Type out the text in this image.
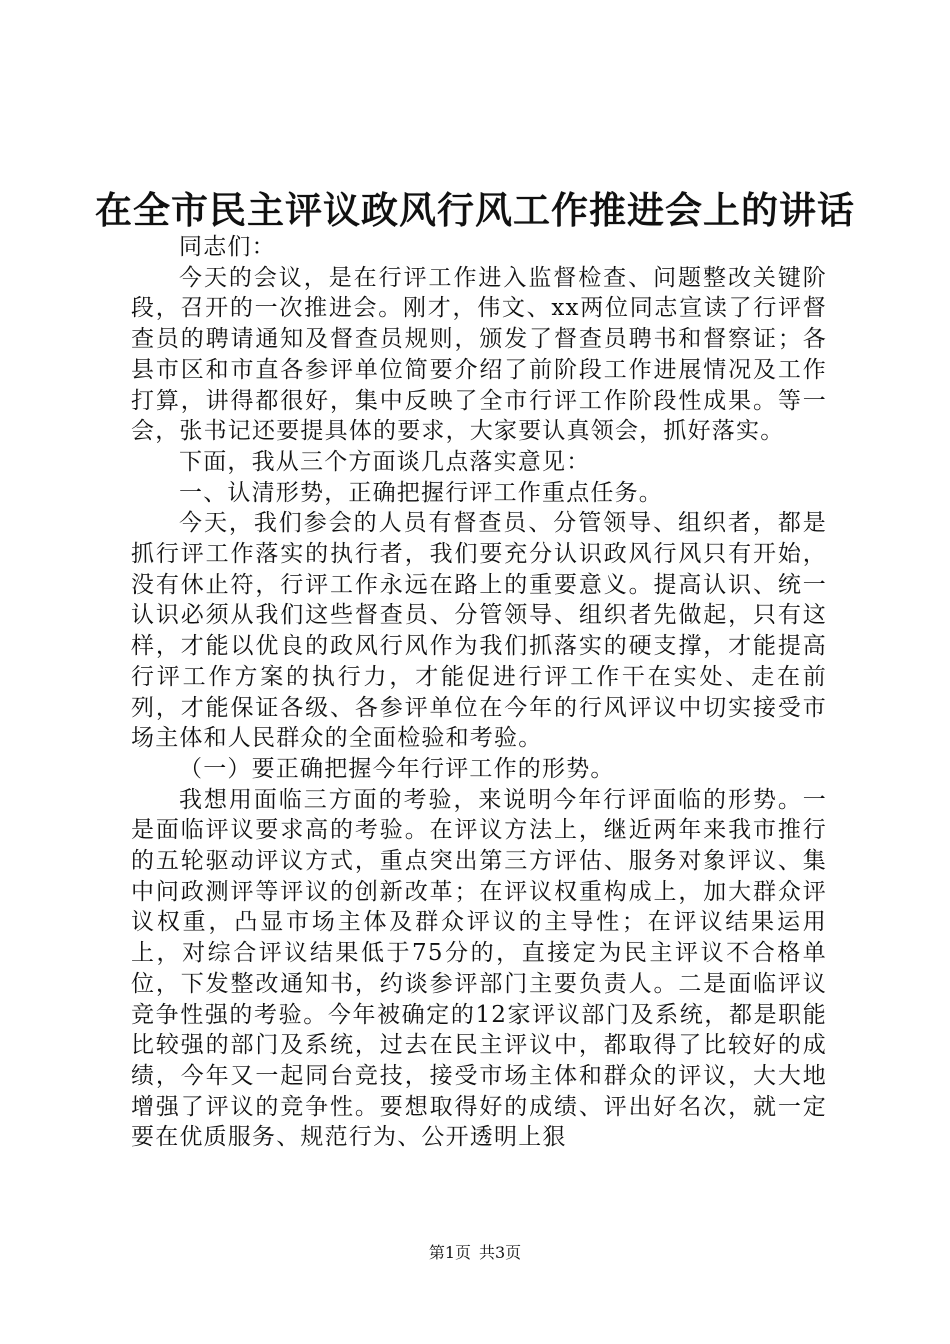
在全市民主评议政风行风工作推进会上的讲话

同志们：

今天的会议，是在行评工作进入监督检查、问题整改关键阶段，召开的一次推进会。刚才，伟文、xx两位同志宣读了行评督查员的聘请通知及督查员规则，颁发了督查员聘书和督察证；各县市区和市直各参评单位简要介绍了前阶段工作进展情况及工作打算，讲得都很好，集中反映了全市行评工作阶段性成果。等一会，张书记还要提具体的要求，大家要认真领会，抓好落实。

下面，我从三个方面谈几点落实意见：

一、认清形势，正确把握行评工作重点任务。

今天，我们参会的人员有督查员、分管领导、组织者，都是抓行评工作落实的执行者，我们要充分认识政风行风只有开始，没有休止符，行评工作永远在路上的重要意义。提高认识、统一认识必须从我们这些督查员、分管领导、组织者先做起，只有这样，才能以优良的政风行风作为我们抓落实的硬支撑，才能提高行评工作方案的执行力，才能促进行评工作干在实处、走在前列，才能保证各级、各参评单位在今年的行风评议中切实接受市场主体和人民群众的全面检验和考验。

（一）要正确把握今年行评工作的形势。

我想用面临三方面的考验，来说明今年行评面临的形势。一是面临评议要求高的考验。在评议方法上，继近两年来我市推行的五轮驱动评议方式，重点突出第三方评估、服务对象评议、集中问政测评等评议的创新改革；在评议权重构成上，加大群众评议权重，凸显市场主体及群众评议的主导性；在评议结果运用上，对综合评议结果低于75分的，直接定为民主评议不合格单位，下发整改通知书，约谈参评部门主要负责人。二是面临评议竞争性强的考验。今年被确定的12家评议部门及系统，都是职能比较强的部门及系统，过去在民主评议中，都取得了比较好的成绩，今年又一起同台竞技，接受市场主体和群众的评议，大大地增强了评议的竞争性。要想取得好的成绩、评出好名次，就一定要在优质服务、规范行为、公开透明上狠

第1页 共3页
